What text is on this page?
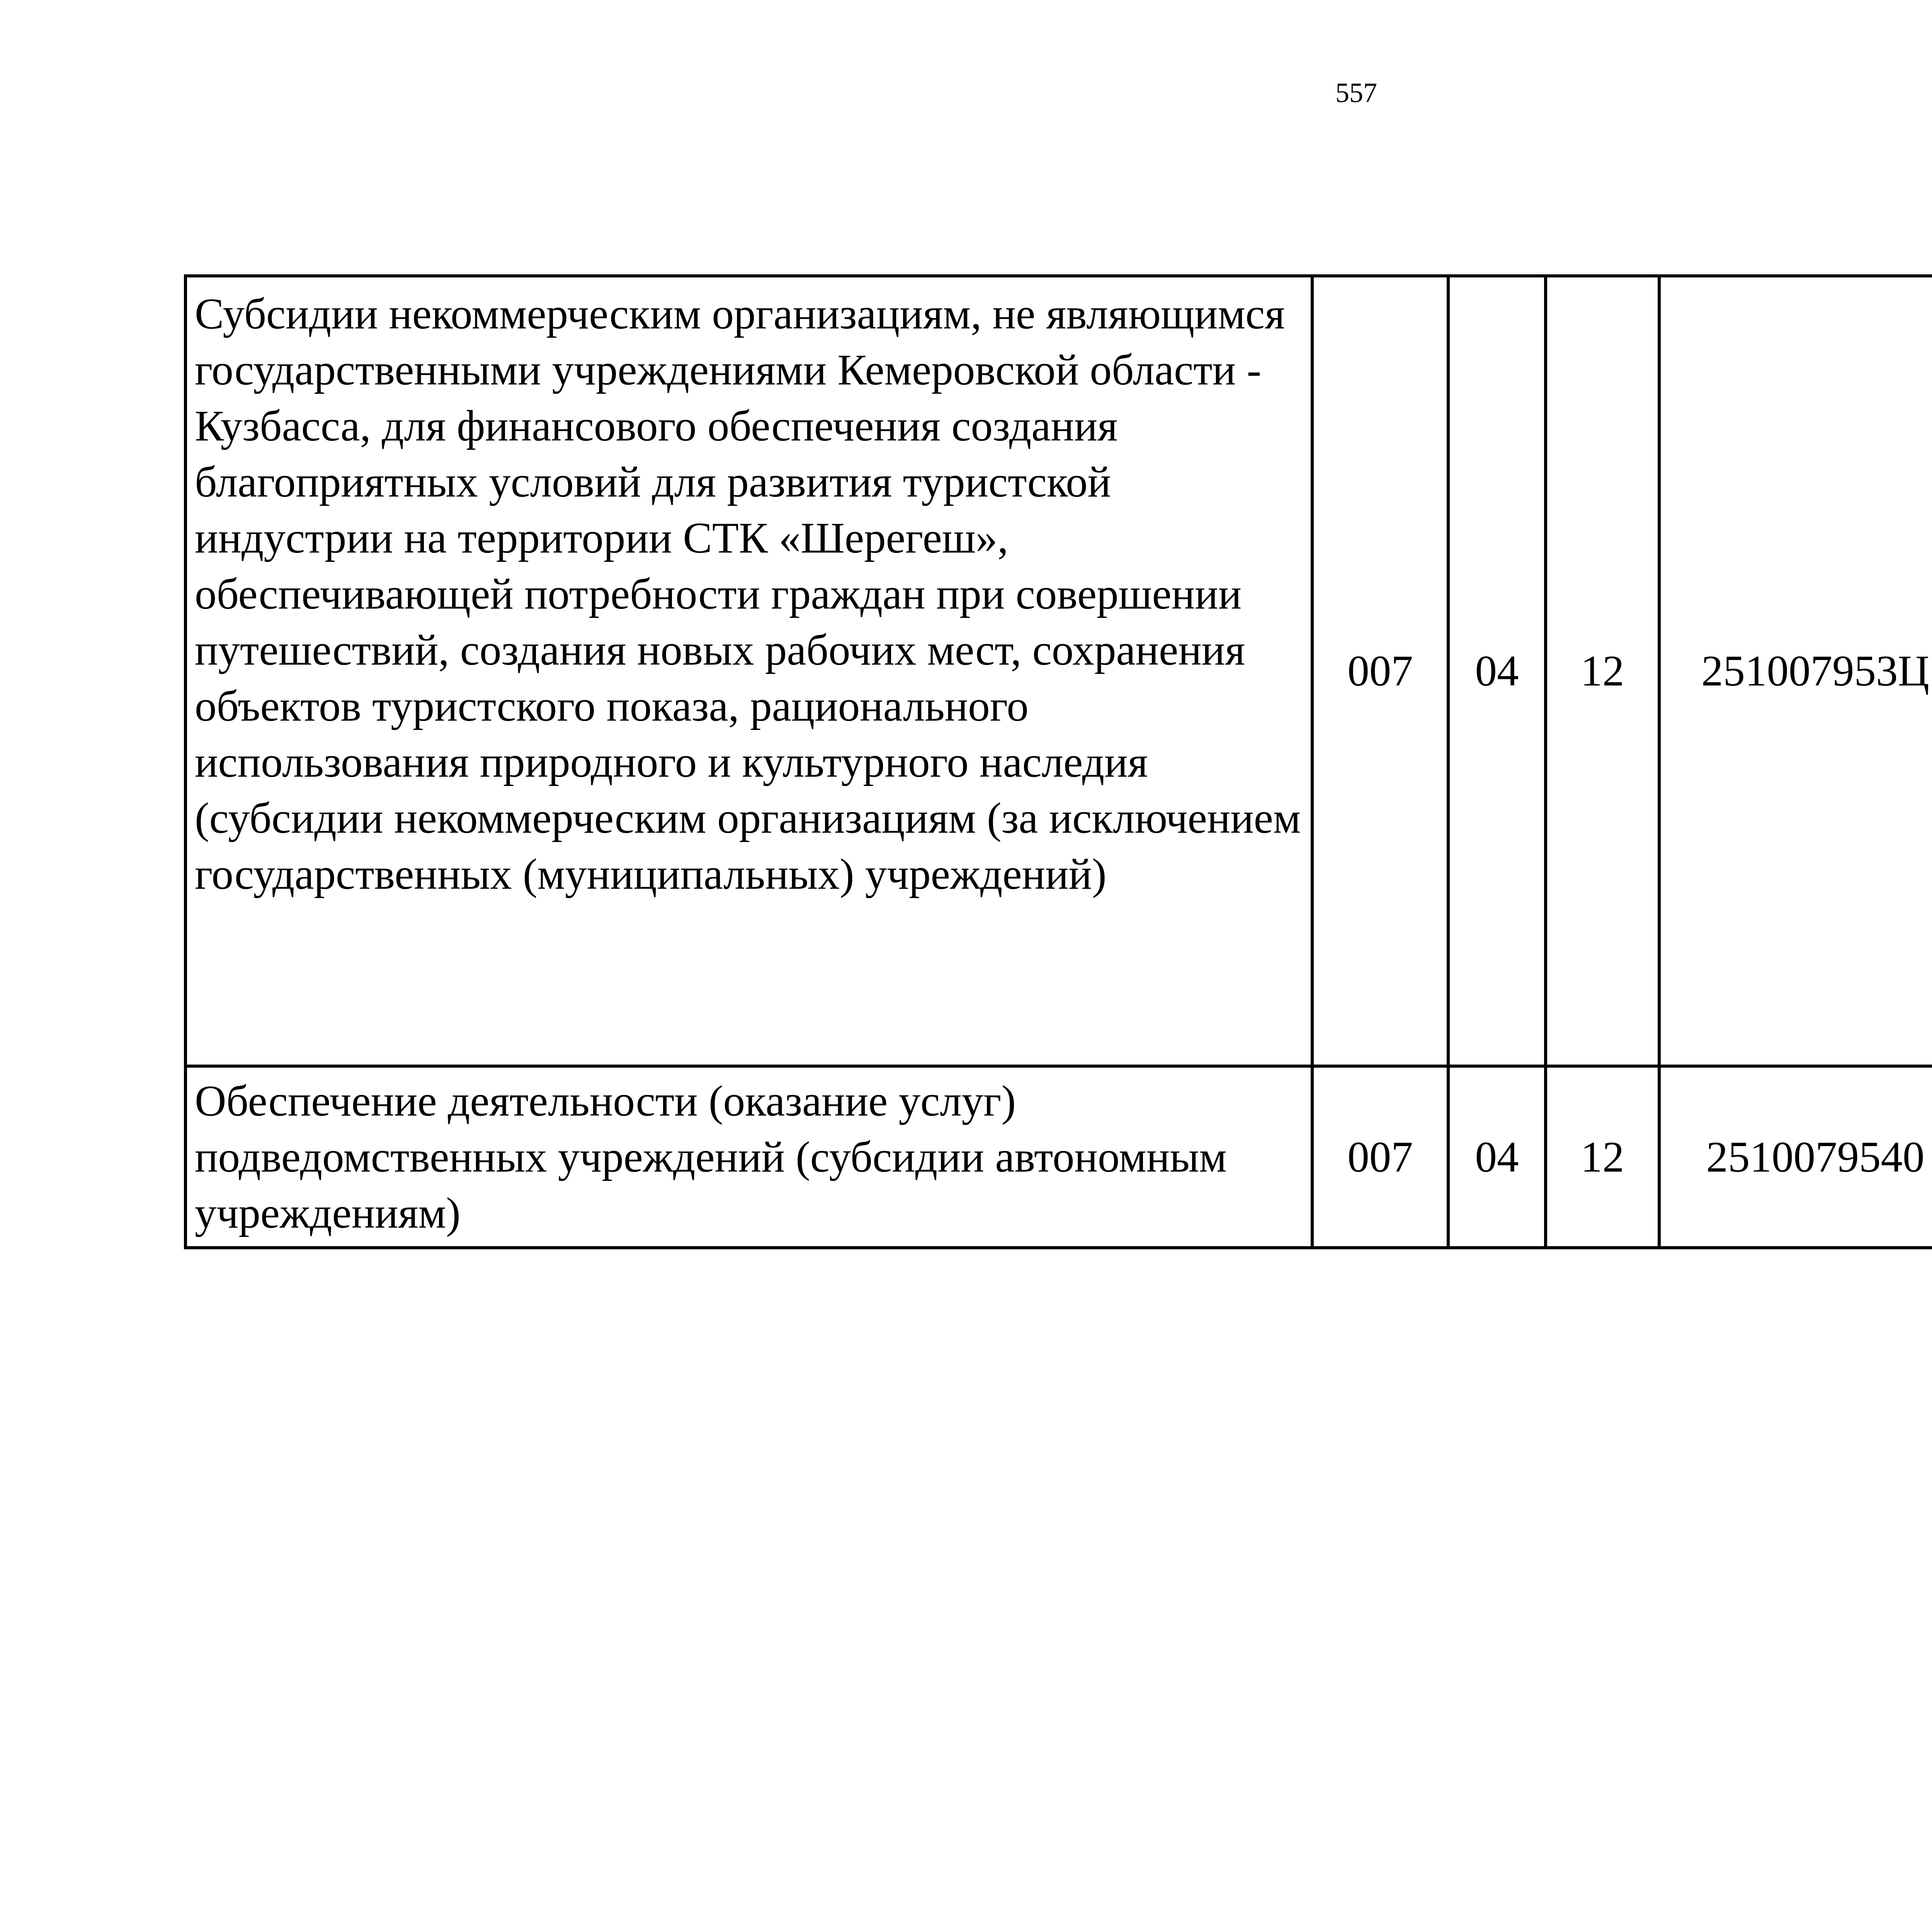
557
Субсидии некоммерческим организациям, не являющимся государственными учреждениями Кемеровской области - Кузбасса, для финансового обеспечения создания благоприятных условий для развития туристской индустрии на территории СТК «Шерегеш», обеспечивающей потребности граждан при совершении путешествий, создания новых рабочих мест, сохранения объектов туристского показа, рационального использования природного и культурного наследия (субсидии некоммерческим организациям (за исключением государственных (муниципальных) учреждений)	007	04	12	251007953Ц		
Обеспечение деятельности (оказание услуг) подведомственных учреждений (субсидии автономным учреждениям)	007	04	12	2510079540		
